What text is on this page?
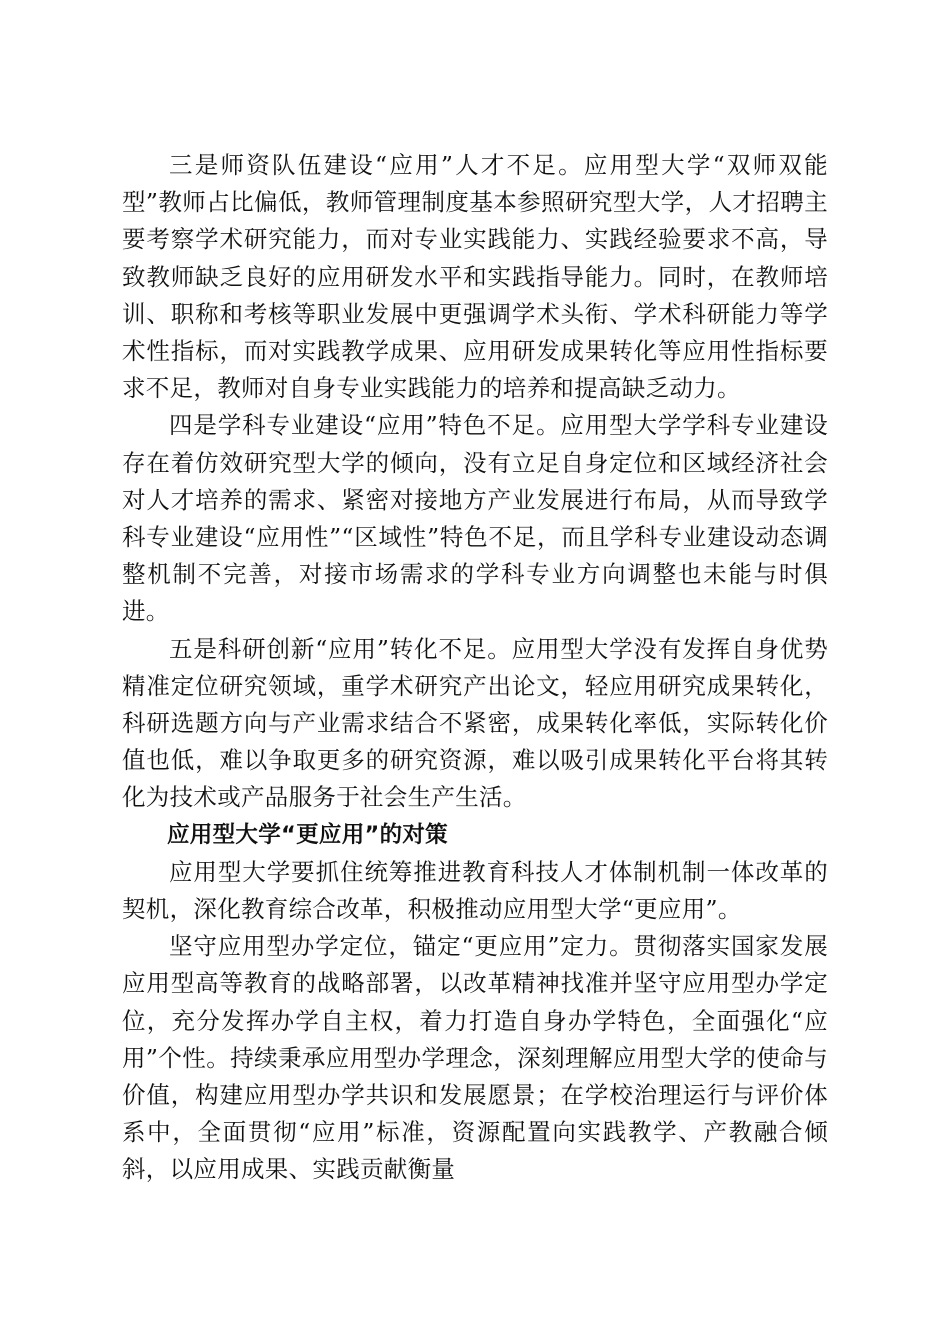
三是师资队伍建设“应用”人才不足。应用型大学“双师双能型”教师占比偏低，教师管理制度基本参照研究型大学，人才招聘主要考察学术研究能力，而对专业实践能力、实践经验要求不高，导致教师缺乏良好的应用研发水平和实践指导能力。同时，在教师培训、职称和考核等职业发展中更强调学术头衔、学术科研能力等学术性指标，而对实践教学成果、应用研发成果转化等应用性指标要求不足，教师对自身专业实践能力的培养和提高缺乏动力。

四是学科专业建设“应用”特色不足。应用型大学学科专业建设存在着仿效研究型大学的倾向，没有立足自身定位和区域经济社会对人才培养的需求、紧密对接地方产业发展进行布局，从而导致学科专业建设“应用性”“区域性”特色不足，而且学科专业建设动态调整机制不完善，对接市场需求的学科专业方向调整也未能与时俱进。

五是科研创新“应用”转化不足。应用型大学没有发挥自身优势精准定位研究领域，重学术研究产出论文，轻应用研究成果转化，科研选题方向与产业需求结合不紧密，成果转化率低，实际转化价值也低，难以争取更多的研究资源，难以吸引成果转化平台将其转化为技术或产品服务于社会生产生活。

应用型大学“更应用”的对策

应用型大学要抓住统筹推进教育科技人才体制机制一体改革的契机，深化教育综合改革，积极推动应用型大学“更应用”。

坚守应用型办学定位，锚定“更应用”定力。贯彻落实国家发展应用型高等教育的战略部署，以改革精神找准并坚守应用型办学定位，充分发挥办学自主权，着力打造自身办学特色，全面强化“应用”个性。持续秉承应用型办学理念，深刻理解应用型大学的使命与价值，构建应用型办学共识和发展愿景；在学校治理运行与评价体系中，全面贯彻“应用”标准，资源配置向实践教学、产教融合倾斜，以应用成果、实践贡献衡量
